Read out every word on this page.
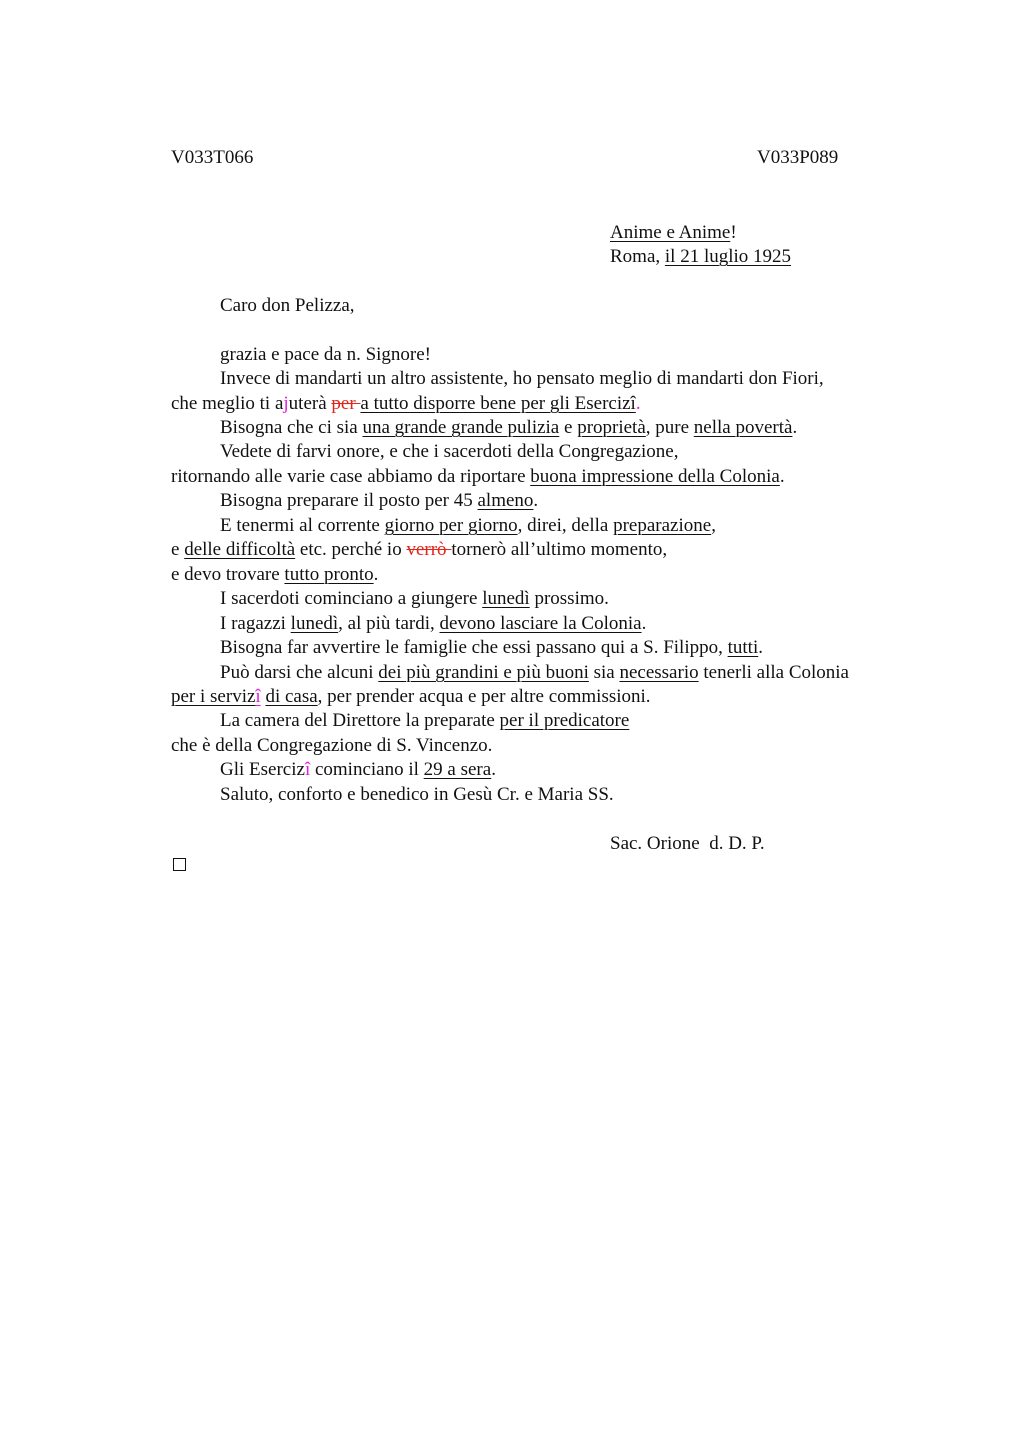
V033T066	V033P089
Anime e Anime!
Roma, il 21 luglio 1925
Caro don Pelizza,
grazia e pace da n. Signore!
Invece di mandarti un altro assistente, ho pensato meglio di mandarti don Fiori,
che meglio ti ajuterà per a tutto disporre bene per gli Esercizî.
Bisogna che ci sia una grande grande pulizia e proprietà, pure nella povertà.
Vedete di farvi onore, e che i sacerdoti della Congregazione,
ritornando alle varie case abbiamo da riportare buona impressione della Colonia.
Bisogna preparare il posto per 45 almeno.
E tenermi al corrente giorno per giorno, direi, della preparazione,
e delle difficoltà etc. perché io verrò tornerò all’ultimo momento,
e devo trovare tutto pronto.
I sacerdoti cominciano a giungere lunedì prossimo.
I ragazzi lunedì, al più tardi, devono lasciare la Colonia.
Bisogna far avvertire le famiglie che essi passano qui a S. Filippo, tutti.
Può darsi che alcuni dei più grandini e più buoni sia necessario tenerli alla Colonia
per i servizî di casa, per prender acqua e per altre commissioni.
La camera del Direttore la preparate per il predicatore
che è della Congregazione di S. Vincenzo.
Gli Esercizî cominciano il 29 a sera.
Saluto, conforto e benedico in Gesù Cr. e Maria SS.
Sac. Orione  d. D. P.
